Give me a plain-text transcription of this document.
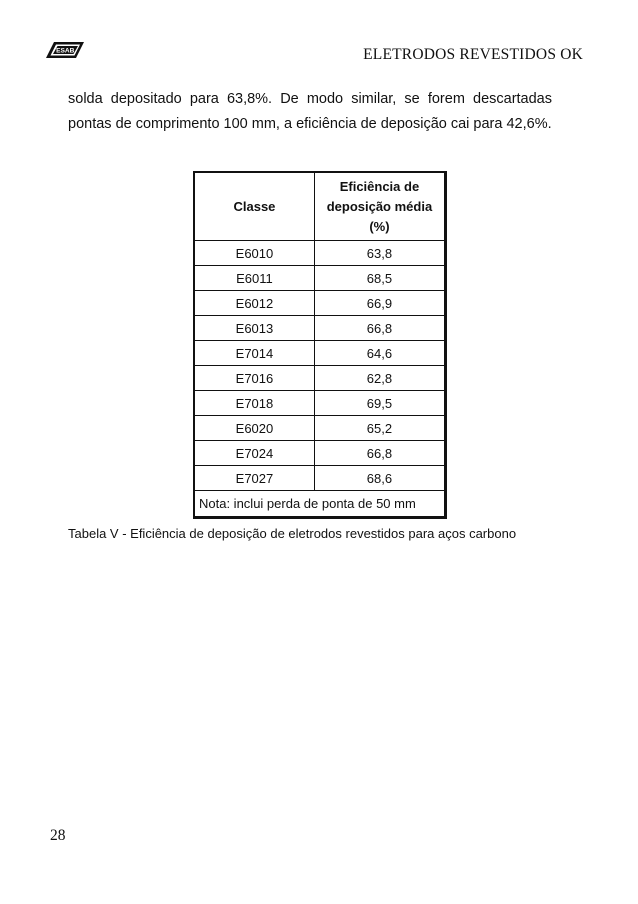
ESAB	ELETRODOS REVESTIDOS OK

solda depositado para 63,8%. De modo similar, se forem descartadas pontas de comprimento 100 mm, a eficiência de deposição cai para 42,6%.

Classe	Eficiência de
deposição média
(%)
E6010	63,8
E6011	68,5
E6012	66,9
E6013	66,8
E7014	64,6
E7016	62,8
E7018	69,5
E6020	65,2
E7024	66,8
E7027	68,6
Nota: inclui perda de ponta de 50 mm	
Tabela V - Eficiência de deposição de eletrodos revestidos para aços carbono
28
